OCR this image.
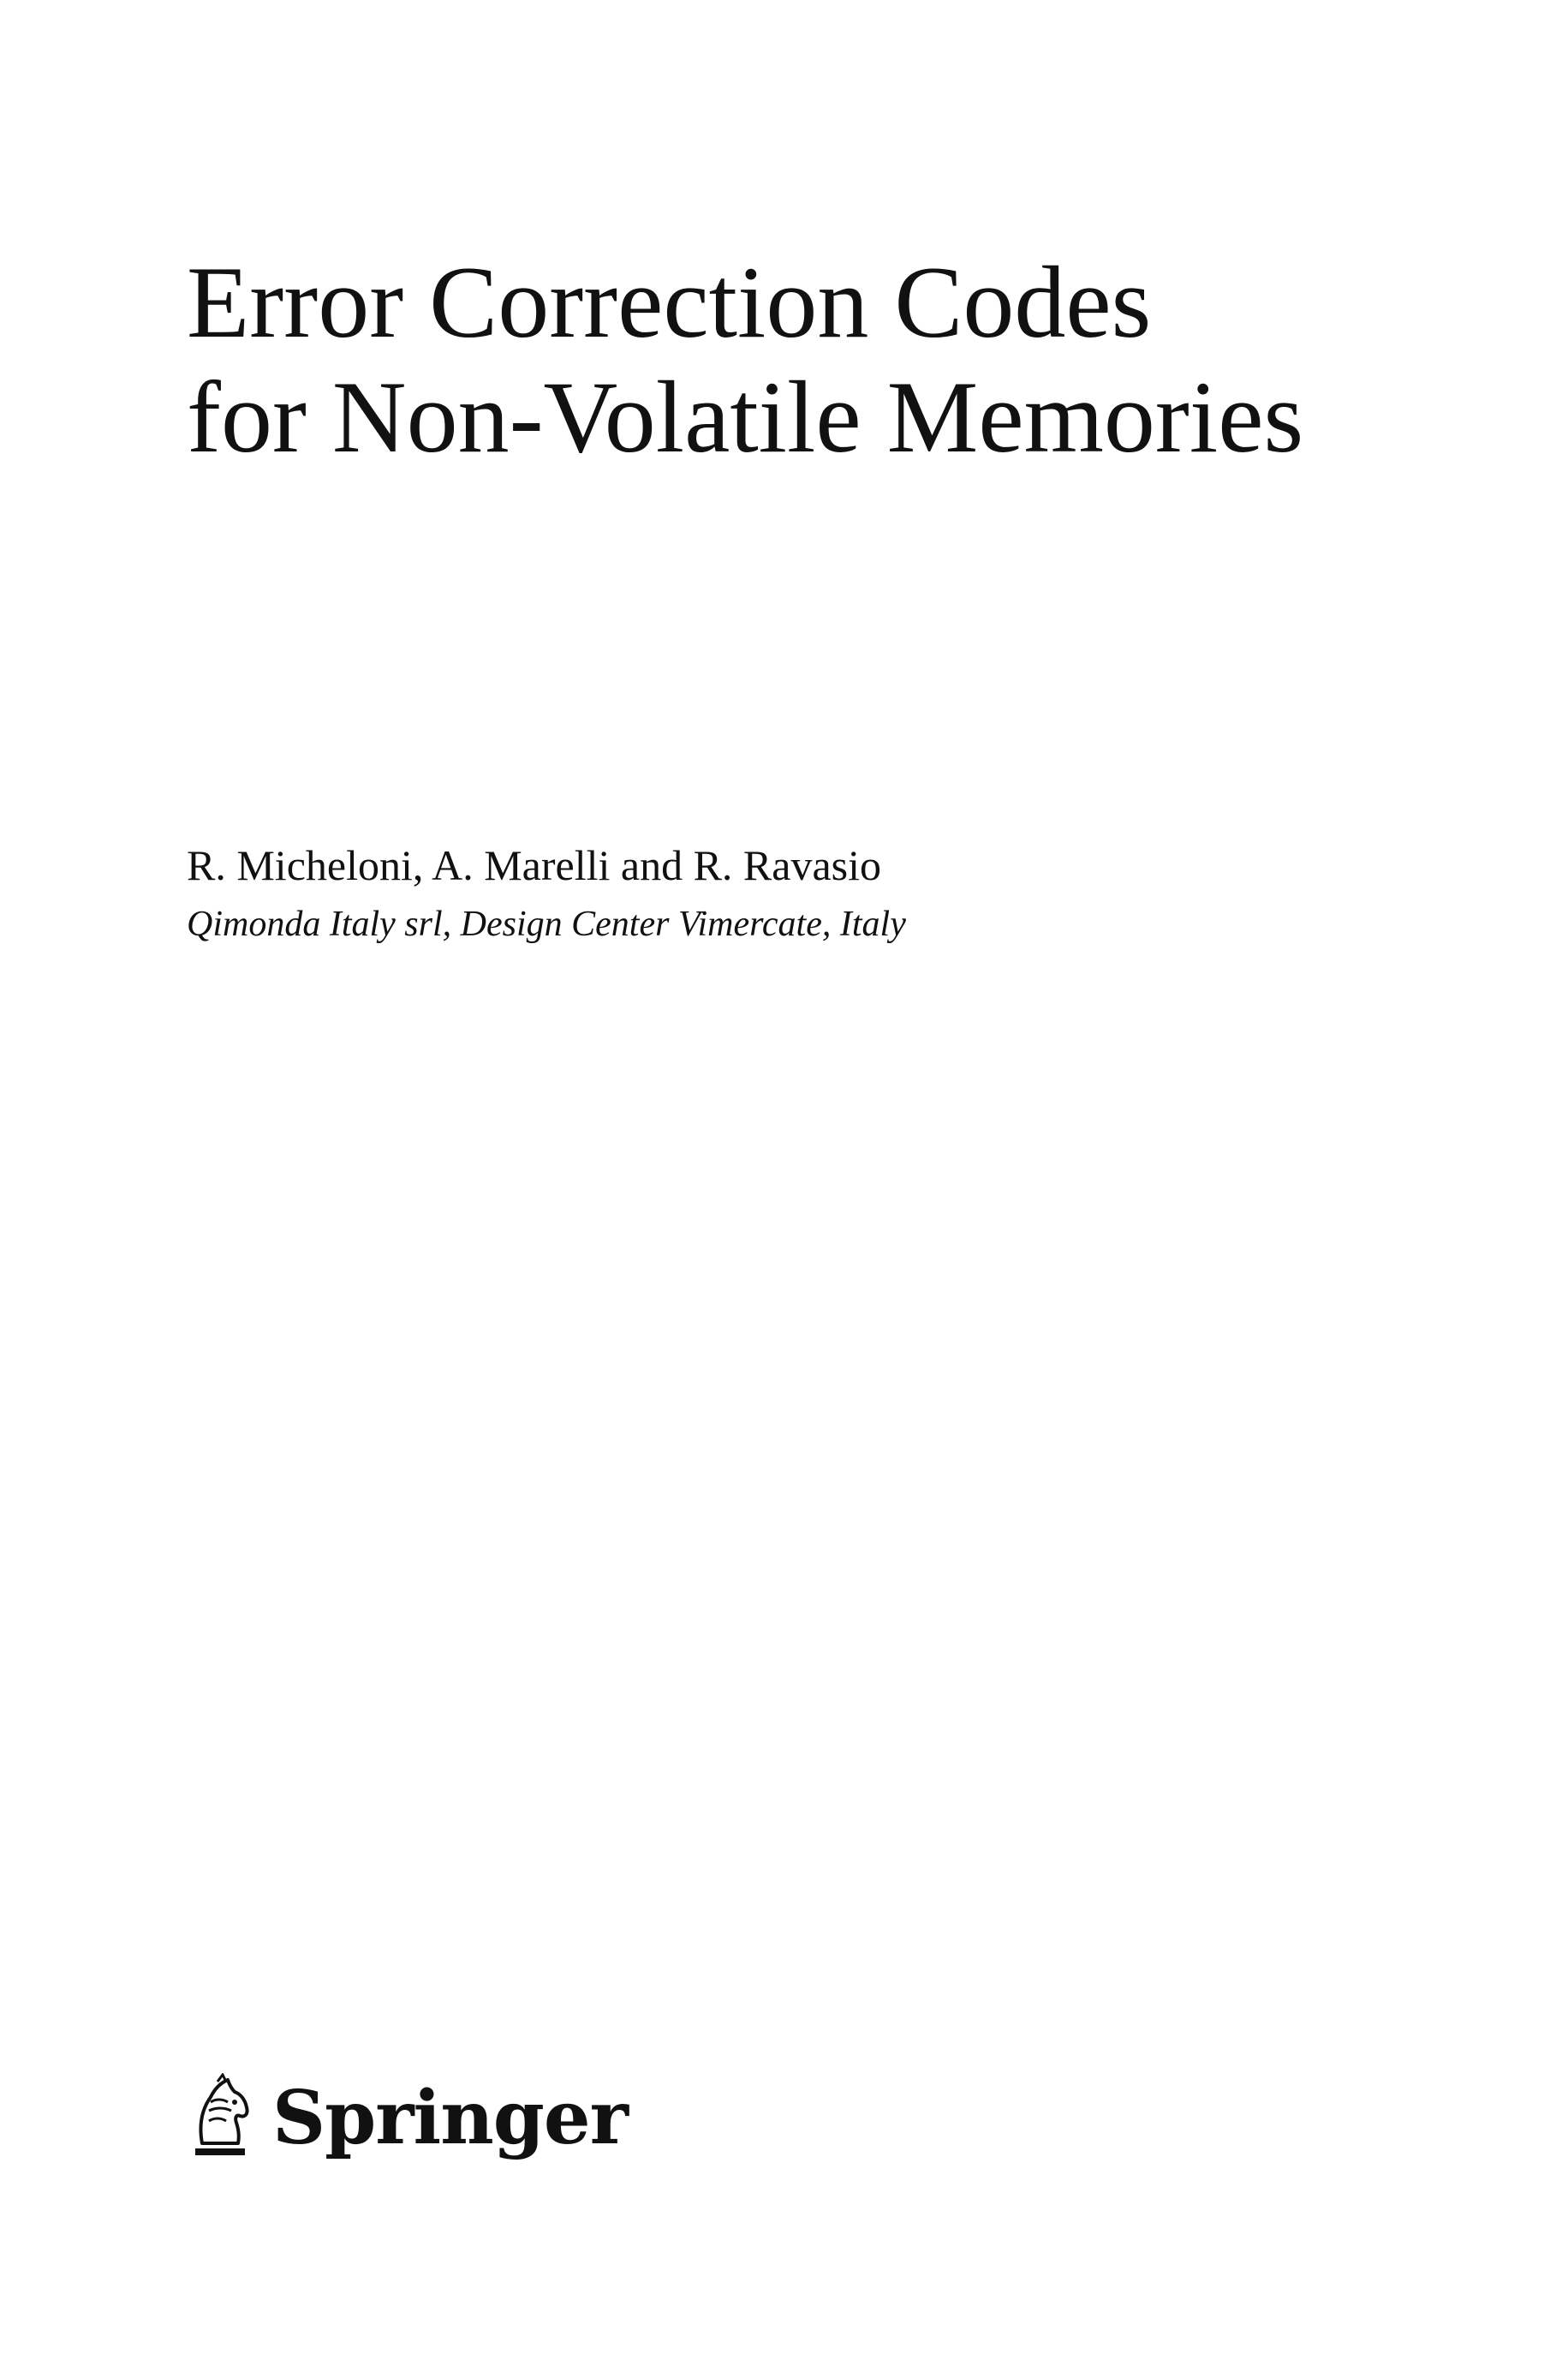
Error Correction Codes
for Non-Volatile Memories

R. Micheloni, A. Marelli and R. Ravasio

Qimonda Italy srl, Design Center Vimercate, Italy

Springer
